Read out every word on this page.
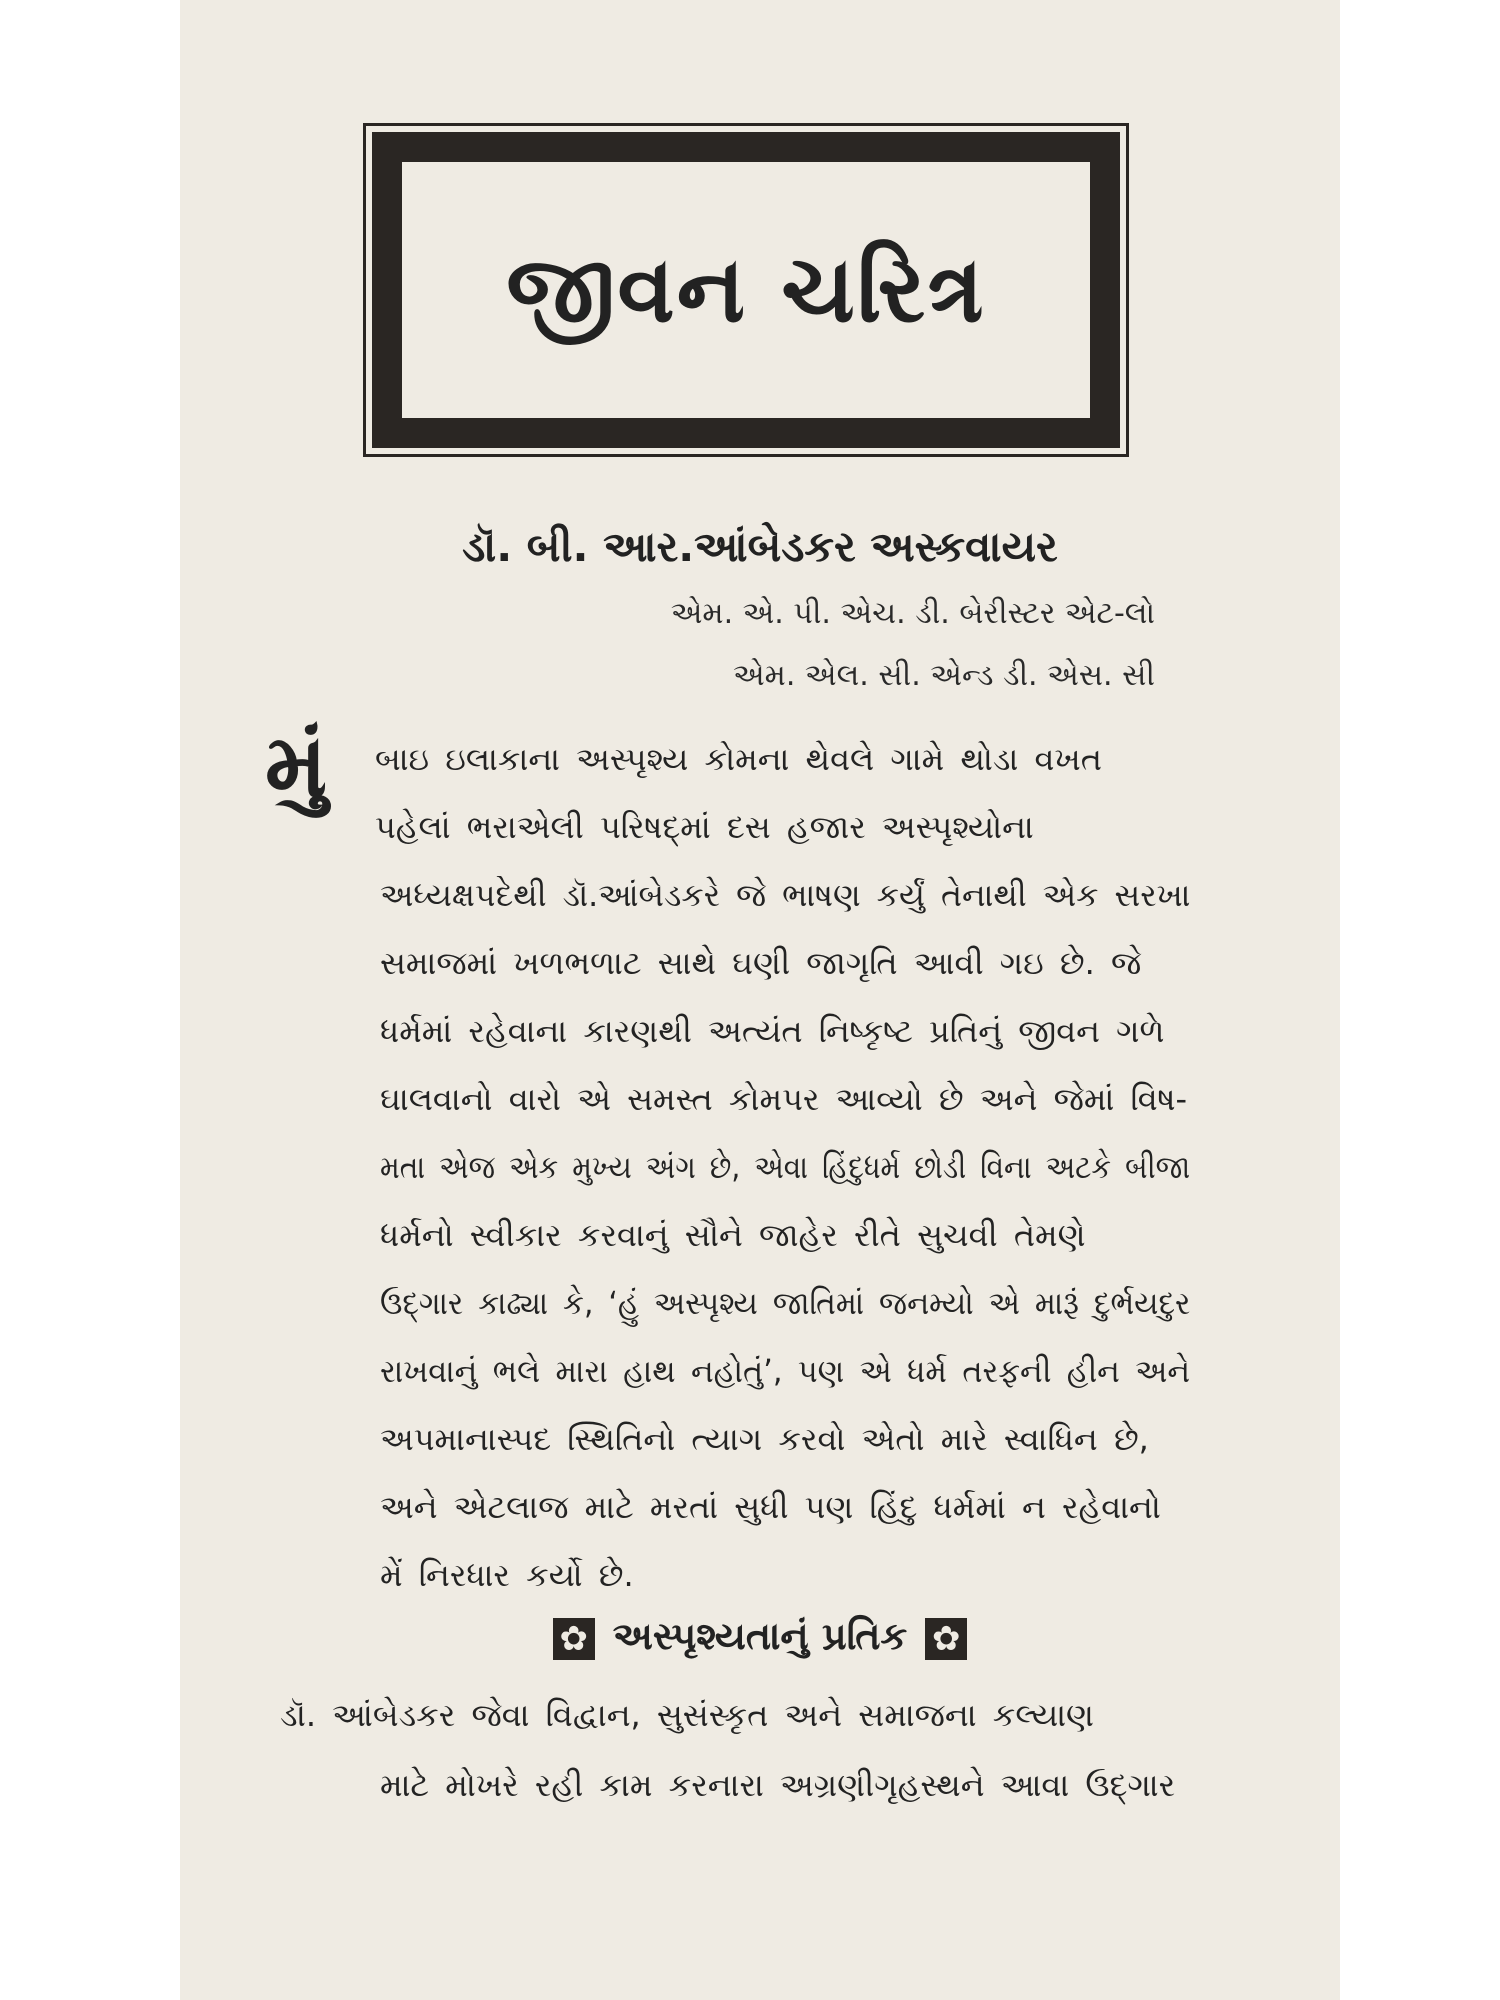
જીવન ચરિત્ર
ડૉ. બી. આર.આંબેડકર અસ્કવાયર
એમ. એ. પી. એચ. ડી. બેરીસ્ટર એટ-લો
એમ. એલ. સી. એન્ડ ડી. એસ. સી
મું બાઇ ઇલાકાના અસ્પૃશ્ય કોમના થેવલે ગામે થોડા વખત
પહેલાં ભરાએલી પરિષદ્‌માં દસ હજાર અસ્પૃશ્યોના
અધ્યક્ષપદેથી ડૉ.આંબેડકરે જે ભાષણ કર્યું તેનાથી એક સરખા
સમાજમાં ખળભળાટ સાથે ઘણી જાગૃતિ આવી ગઇ છે. જે
ધર્મમાં રહેવાના કારણથી અત્યંત નિષ્કૃષ્ટ પ્રતિનું જીવન ગળે
ઘાલવાનો વારો એ સમસ્ત કોમપર આવ્યો છે અને જેમાં વિષ-
મતા એજ એક મુખ્ય અંગ છે, એવા હિંદુધર્મ છોડી વિના અટકે બીજા
ધર્મનો સ્વીકાર કરવાનું સૌને જાહેર રીતે સુચવી તેમણે
ઉદ્‌ગાર કાઢ્યા કે, ‘હું અસ્પૃશ્ય જાતિમાં જનમ્યો એ મારૂં દુર્ભયદુર
રાખવાનું ભલે મારા હાથ નહોતું’, પણ એ ધર્મ તરફની હીન અને
અપમાનાસ્પદ સ્થિતિનો ત્યાગ કરવો એતો મારે સ્વાધિન છે,
અને એટલાજ માટે મરતાં સુધી પણ હિંદુ ધર્મમાં ન રહેવાનો
મેં નિરધાર કર્યો છે.
✿અસ્પૃશ્યતાનું પ્રતિક✿
ડૉ. આંબેડકર જેવા વિદ્વાન, સુસંસ્કૃત અને સમાજના કલ્યાણ
માટે મોખરે રહી કામ કરનારા અગ્રણીગૃહસ્થને આવા ઉદ્‌ગાર
